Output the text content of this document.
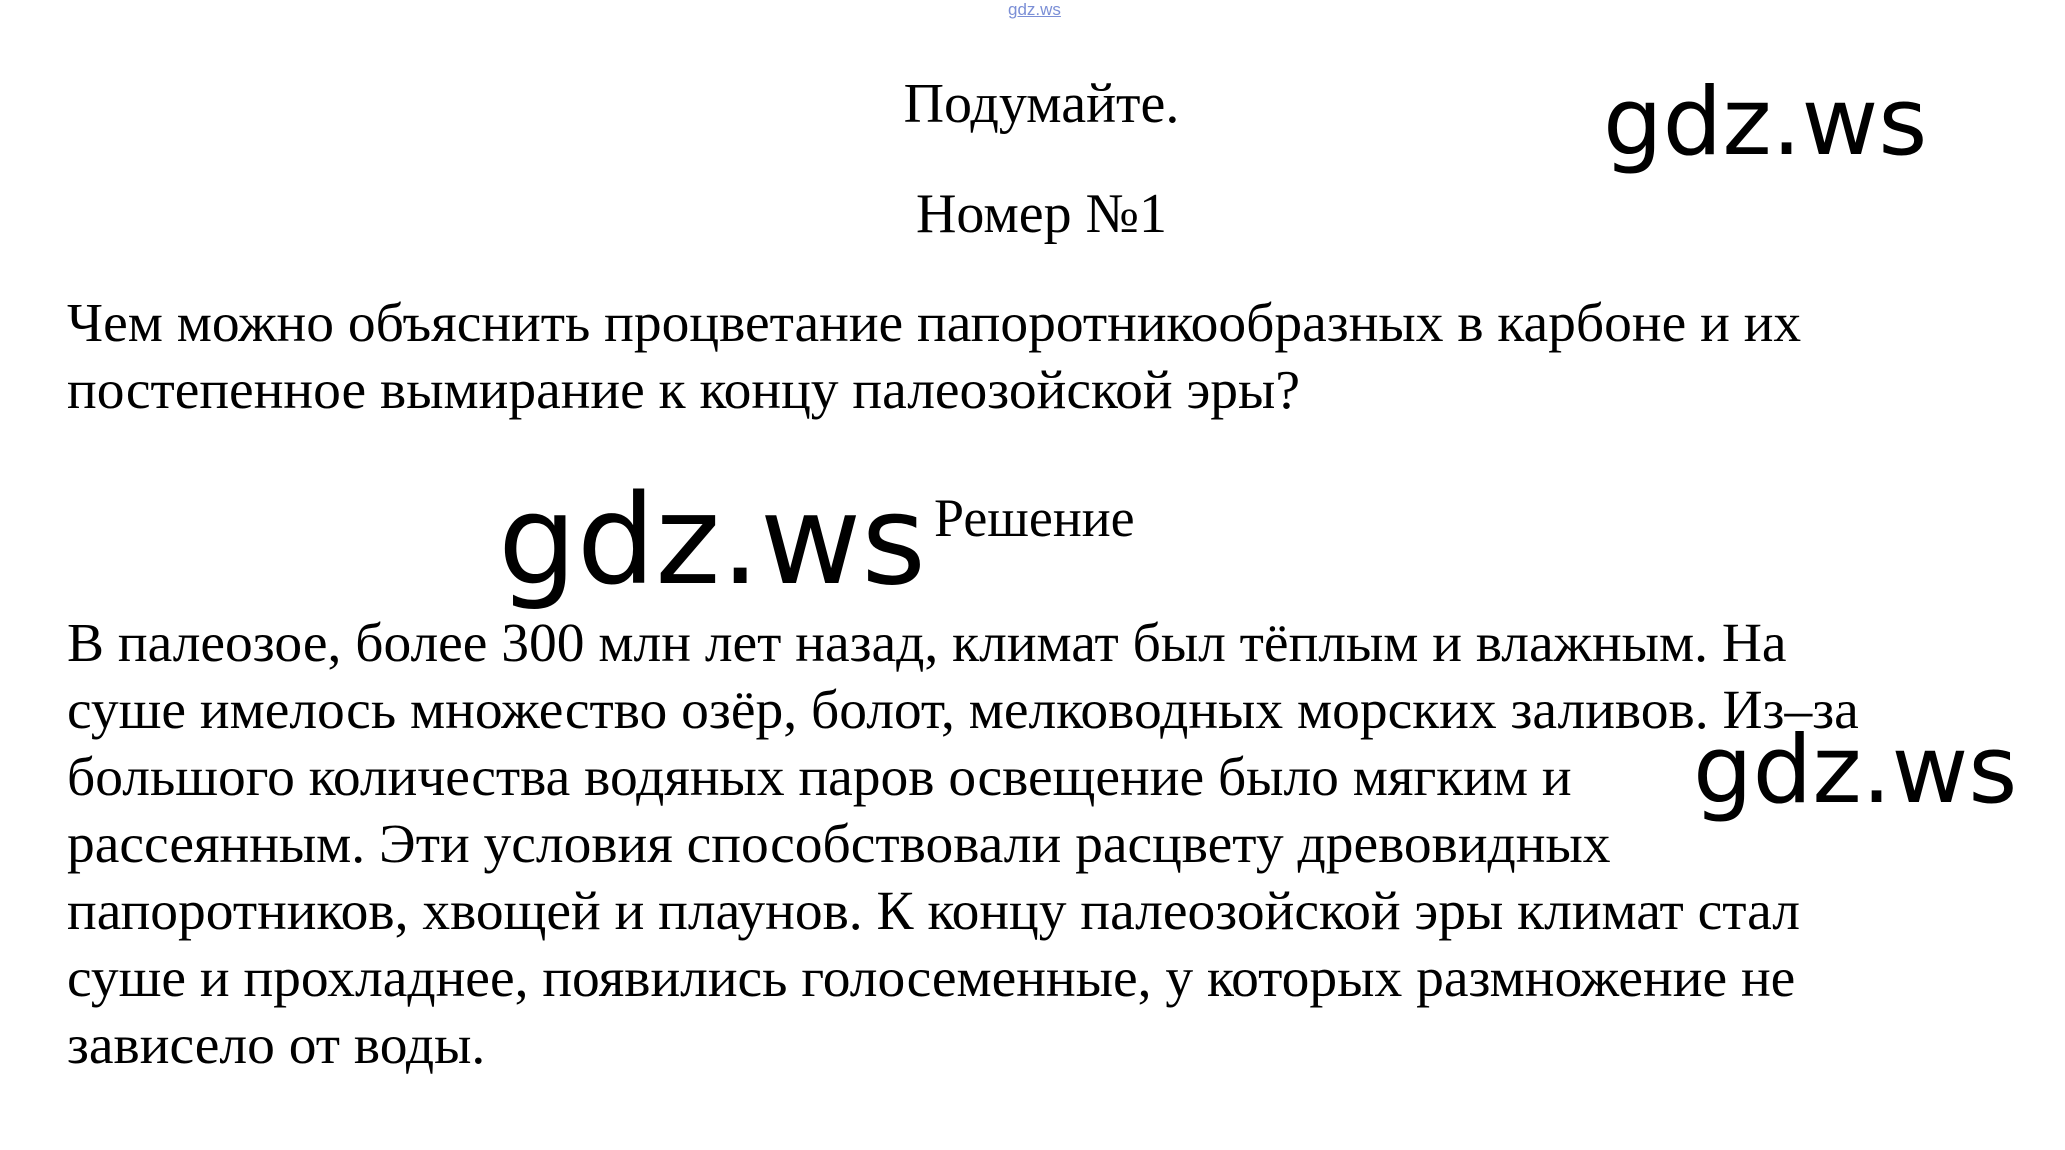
gdz.ws
Подумайте.
Номер №1
gdz.ws
Чем можно объяснить процветание папоротникообразных в карбоне и их
постепенное вымирание к концу палеозойской эры?
Решение
gdz.ws
В палеозое, более 300 млн лет назад, климат был тёплым и влажным. На
суше имелось множество озёр, болот, мелководных морских заливов. Из–за
большого количества водяных паров освещение было мягким и
рассеянным. Эти условия способствовали расцвету древовидных
папоротников, хвощей и плаунов. К концу палеозойской эры климат стал
суше и прохладнее, появились голосеменные, у которых размножение не
зависело от воды.
gdz.ws
